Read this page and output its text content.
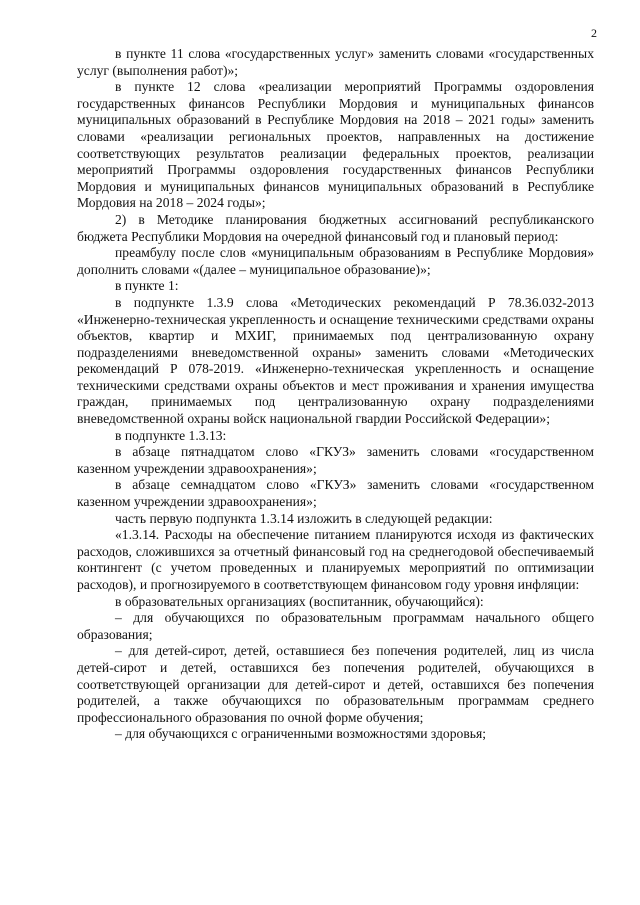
2

в пункте 11 слова «государственных услуг» заменить словами «государственных услуг (выполнения работ)»;

в пункте 12 слова «реализации мероприятий Программы оздоровления государственных финансов Республики Мордовия и муниципальных финансов муниципальных образований в Республике Мордовия на 2018 – 2021 годы» заменить словами «реализации региональных проектов, направленных на достижение соответствующих результатов реализации федеральных проектов, реализации мероприятий Программы оздоровления государственных финансов Республики Мордовия и муниципальных финансов муниципальных образований в Республике Мордовия на 2018 – 2024 годы»;

2) в Методике планирования бюджетных ассигнований республиканского бюджета Республики Мордовия на очередной финансовый год и плановый период:

преамбулу после слов «муниципальным образованиям в Республике Мордовия» дополнить словами «(далее – муниципальное образование)»;

в пункте 1:

в подпункте 1.3.9 слова «Методических рекомендаций Р 78.36.032-2013 «Инженерно-техническая укрепленность и оснащение техническими средствами охраны объектов, квартир и МХИГ, принимаемых под централизованную охрану подразделениями вневедомственной охраны» заменить словами «Методических рекомендаций Р 078-2019. «Инженерно-техническая укрепленность и оснащение техническими средствами охраны объектов и мест проживания и хранения имущества граждан, принимаемых под централизованную охрану подразделениями вневедомственной охраны войск национальной гвардии Российской Федерации»;

в подпункте 1.3.13:

в абзаце пятнадцатом слово «ГКУЗ» заменить словами «государственном казенном учреждении здравоохранения»;

в абзаце семнадцатом слово «ГКУЗ» заменить словами «государственном казенном учреждении здравоохранения»;

часть первую подпункта 1.3.14 изложить в следующей редакции:

«1.3.14. Расходы на обеспечение питанием планируются исходя из фактических расходов, сложившихся за отчетный финансовый год на среднегодовой обеспечиваемый контингент (с учетом проведенных и планируемых мероприятий по оптимизации расходов), и прогнозируемого в соответствующем финансовом году уровня инфляции:

в образовательных организациях (воспитанник, обучающийся):

– для обучающихся по образовательным программам начального общего образования;

– для детей-сирот, детей, оставшиеся без попечения родителей, лиц из числа детей-сирот и детей, оставшихся без попечения родителей, обучающихся в соответствующей организации для детей-сирот и детей, оставшихся без попечения родителей, а также обучающихся по образовательным программам среднего профессионального образования по очной форме обучения;

– для обучающихся с ограниченными возможностями здоровья;
